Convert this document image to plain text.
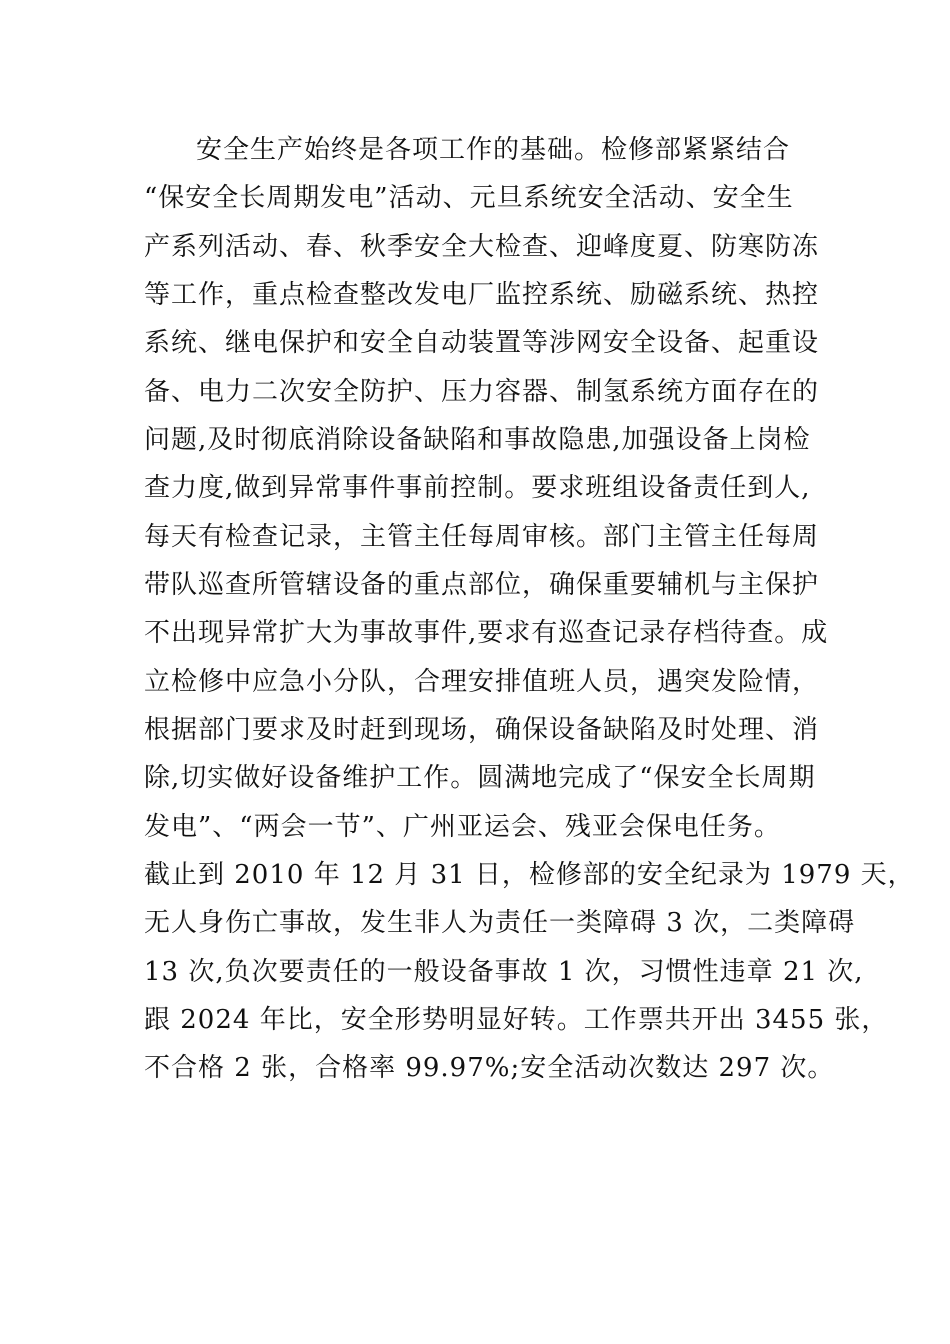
安全生产始终是各项工作的基础。检修部紧紧结合
“保安全长周期发电”活动、元旦系统安全活动、安全生
产系列活动、春、秋季安全大检查、迎峰度夏、防寒防冻
等工作，重点检查整改发电厂监控系统、励磁系统、热控
系统、继电保护和安全自动装置等涉网安全设备、起重设
备、电力二次安全防护、压力容器、制氢系统方面存在的
问题,及时彻底消除设备缺陷和事故隐患,加强设备上岗检
查力度,做到异常事件事前控制。要求班组设备责任到人,
每天有检查记录，主管主任每周审核。部门主管主任每周
带队巡查所管辖设备的重点部位，确保重要辅机与主保护
不出现异常扩大为事故事件,要求有巡查记录存档待查。成
立检修中应急小分队，合理安排值班人员，遇突发险情，
根据部门要求及时赶到现场，确保设备缺陷及时处理、消
除,切实做好设备维护工作。圆满地完成了“保安全长周期
发电”、“两会一节”、广州亚运会、残亚会保电任务。
截止到 2010 年 12 月 31 日，检修部的安全纪录为 1979 天，
无人身伤亡事故，发生非人为责任一类障碍 3 次，二类障碍
13 次,负次要责任的一般设备事故 1 次，习惯性违章 21 次,
跟 2024 年比，安全形势明显好转。工作票共开出 3455 张，
不合格 2 张，合格率 99.97%;安全活动次数达 297 次。
